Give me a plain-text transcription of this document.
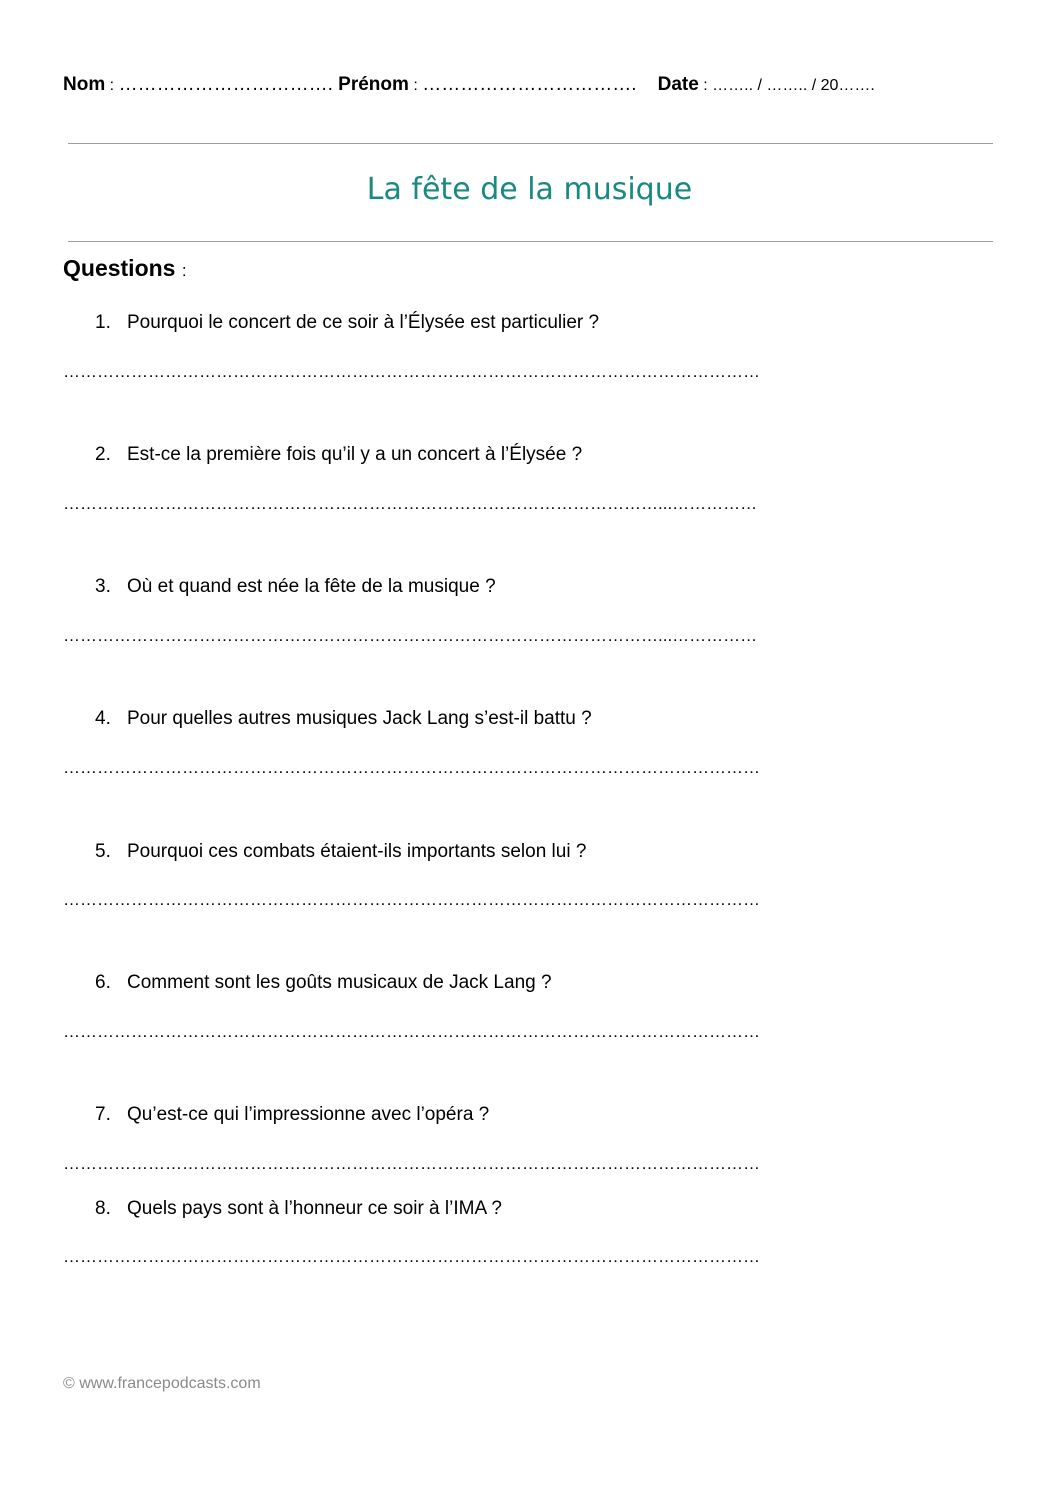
Nom : ……………………………. Prénom : ……………………………. Date : …….. / …….. / 20…….
La fête de la musique
Questions :
1. Pourquoi le concert de ce soir à l’Élysée est particulier ?
……………………………………………………………………………………………………………
2. Est-ce la première fois qu’il y a un concert à l’Élysée ?
……………………………………………………………………………………………...……………
3. Où et quand est née la fête de la musique ?
……………………………………………………………………………………………...……………
4. Pour quelles autres musiques Jack Lang s’est-il battu ?
……………………………………………………………………………………………………………
5. Pourquoi ces combats étaient-ils importants selon lui ?
……………………………………………………………………………………………………………
6. Comment sont les goûts musicaux de Jack Lang ?
……………………………………………………………………………………………………………
7. Qu’est-ce qui l’impressionne avec l’opéra ?
……………………………………………………………………………………………………………
8. Quels pays sont à l’honneur ce soir à l’IMA ?
……………………………………………………………………………………………………………
© www.francepodcasts.com
